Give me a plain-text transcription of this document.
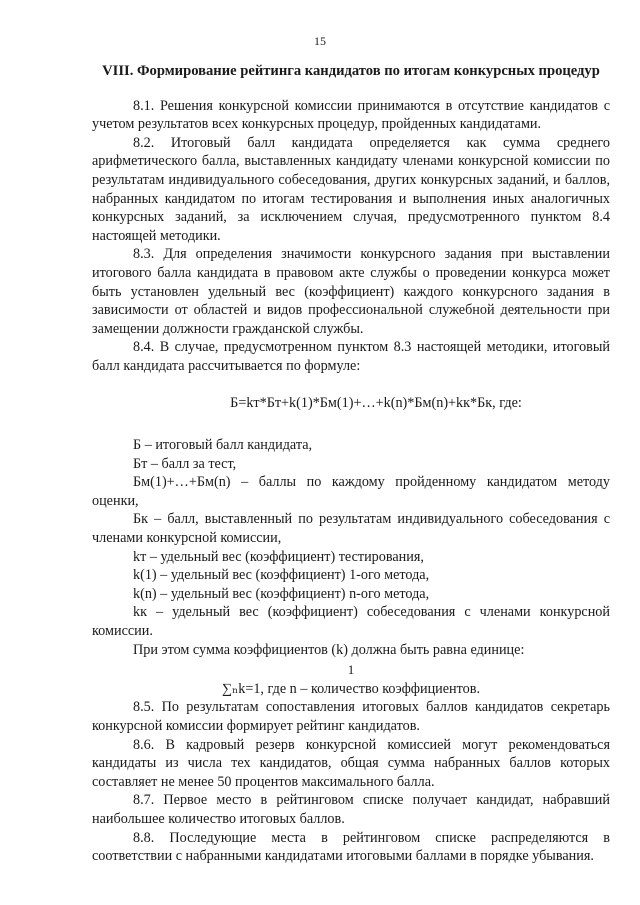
15
VIII. Формирование рейтинга кандидатов по итогам конкурсных процедур

8.1. Решения конкурсной комиссии принимаются в отсутствие кандидатов с учетом результатов всех конкурсных процедур, пройденных кандидатами.

8.2. Итоговый балл кандидата определяется как сумма среднего арифметического балла, выставленных кандидату членами конкурсной комиссии по результатам индивидуального собеседования, других конкурсных заданий, и баллов, набранных кандидатом по итогам тестирования и выполнения иных аналогичных конкурсных заданий, за исключением случая, предусмотренного пунктом 8.4 настоящей методики.

8.3. Для определения значимости конкурсного задания при выставлении итогового балла кандидата в правовом акте службы о проведении конкурса может быть установлен удельный вес (коэффициент) каждого конкурсного задания в зависимости от областей и видов профессиональной служебной деятельности при замещении должности гражданской службы.

8.4. В случае, предусмотренном пунктом 8.3 настоящей методики, итоговый балл кандидата рассчитывается по формуле:

Б=kт*Бт+k(1)*Бм(1)+…+k(n)*Бм(n)+kк*Бк, где:

Б – итоговый балл кандидата,

Бт – балл за тест,

Бм(1)+…+Бм(n) – баллы по каждому пройденному кандидатом методу оценки,

Бк – балл, выставленный по результатам индивидуального собеседования с членами конкурсной комиссии,

kт – удельный вес (коэффициент) тестирования,

k(1) – удельный вес (коэффициент) 1-ого метода,

k(n) – удельный вес (коэффициент) n-ого метода,

kк – удельный вес (коэффициент) собеседования с членами конкурсной комиссии.

При этом сумма коэффициентов (k) должна быть равна единице:

1
∑ₙk=1, где n – количество коэффициентов.

8.5. По результатам сопоставления итоговых баллов кандидатов секретарь конкурсной комиссии формирует рейтинг кандидатов.

8.6. В кадровый резерв конкурсной комиссией могут рекомендоваться кандидаты из числа тех кандидатов, общая сумма набранных баллов которых составляет не менее 50 процентов максимального балла.

8.7. Первое место в рейтинговом списке получает кандидат, набравший наибольшее количество итоговых баллов.

8.8. Последующие места в рейтинговом списке распределяются в соответствии с набранными кандидатами итоговыми баллами в порядке убывания.
